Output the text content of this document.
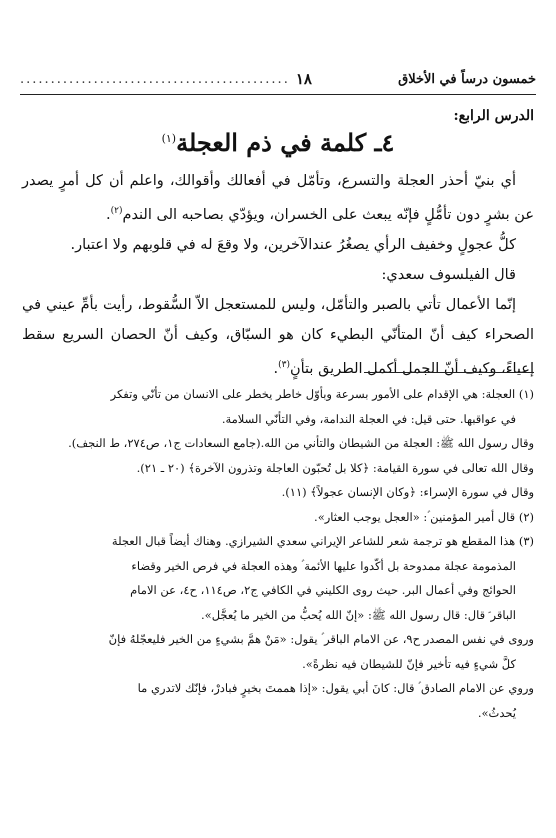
خمسون درساً في الأخلاق
............................................ ١٨
الدرس الرابع:
٤ـ كلمة في ذم العجلة$^{(١)}$

أي بنيّ أحذر العجلة والتسرع، وتأمّل في أفعالك وأقوالك، واعلم أن كل أمرٍ يصدر عن بشرٍ دون تأمُّلٍ فإنّه يبعث على الخسران، ويؤدّي بصاحبه الى الندم$^{(٢)}$.

كلُّ عجولٍ وخفيف الرأي يصغُرُ عندالآخرين، ولا وقعَ له في قلوبهم ولا اعتبار.

قال الفيلسوف سعدي:

إنّما الأعمال تأتي بالصبر والتأمّل، وليس للمستعجل الاّ السُّقوط، رأيت بأمِّ عيني في الصحراء كيف أنّ المتأنّي البطيء كان هو السبّاق، وكيف أنّ الحصان السريع سقط إعياءً، وكيف أنّ الجمل أكمل الطريق بتأنٍ$^{(٣)}$.

(١) العجلة: هي الإقدام على الأمور بسرعة وبأوّل خاطر يخطر على الانسان من تأنّي وتفكر

في عواقبها. حتى قيل: في العجلة الندامة، وفي التأنّي السلامة.

وقال رسول الله ﷺ: العجلة من الشيطان والتأني من الله.(جامع السعادات ج١، ص٢٧٤، ط النجف).

وقال الله تعالى في سورة القيامة: ﴿كلا بل تُحبّون العاجلة وتذرون الآخرة﴾ (٢٠ ـ ٢١).

وقال في سورة الإسراء: ﴿وكان الإنسان عجولاً﴾ (١١).

(٢) قال أمير المؤمنين ؑ: «العجل يوجب العثار».

(٣) هذا المقطع هو ترجمة شعر للشاعر الإيراني سعدي الشيرازي. وهناك أيضاً قبال العجلة

المذمومة عجلة ممدوحة بل أكّدوا عليها الأئمة ؑ وهذه العجلة في فرص الخير وقضاء

الحوائج وفي أعمال البر. حيث روى الكليني في الكافي ج٢، ص١١٤، ح٤، عن الامام

الباقر ؑ قال: قال رسول الله ﷺ: «إنّ الله يُحبُّ من الخير ما يُعجَّل».

وروى في نفس المصدر ح٩، عن الامام الباقر ؑ يقول: «مَنْ همَّ بشيءٍ من الخير فليعجّلهُ فإنّ

كلَّ شيءٍ فيه تأخير فإنّ للشيطان فيه نظرةً».

وروي عن الامام الصادق ؑ قال: كانَ أبي يقول: «إذا هممتَ بخيرٍ فبادرْ، فإنّك لاتدري ما

يُحدثُ».
